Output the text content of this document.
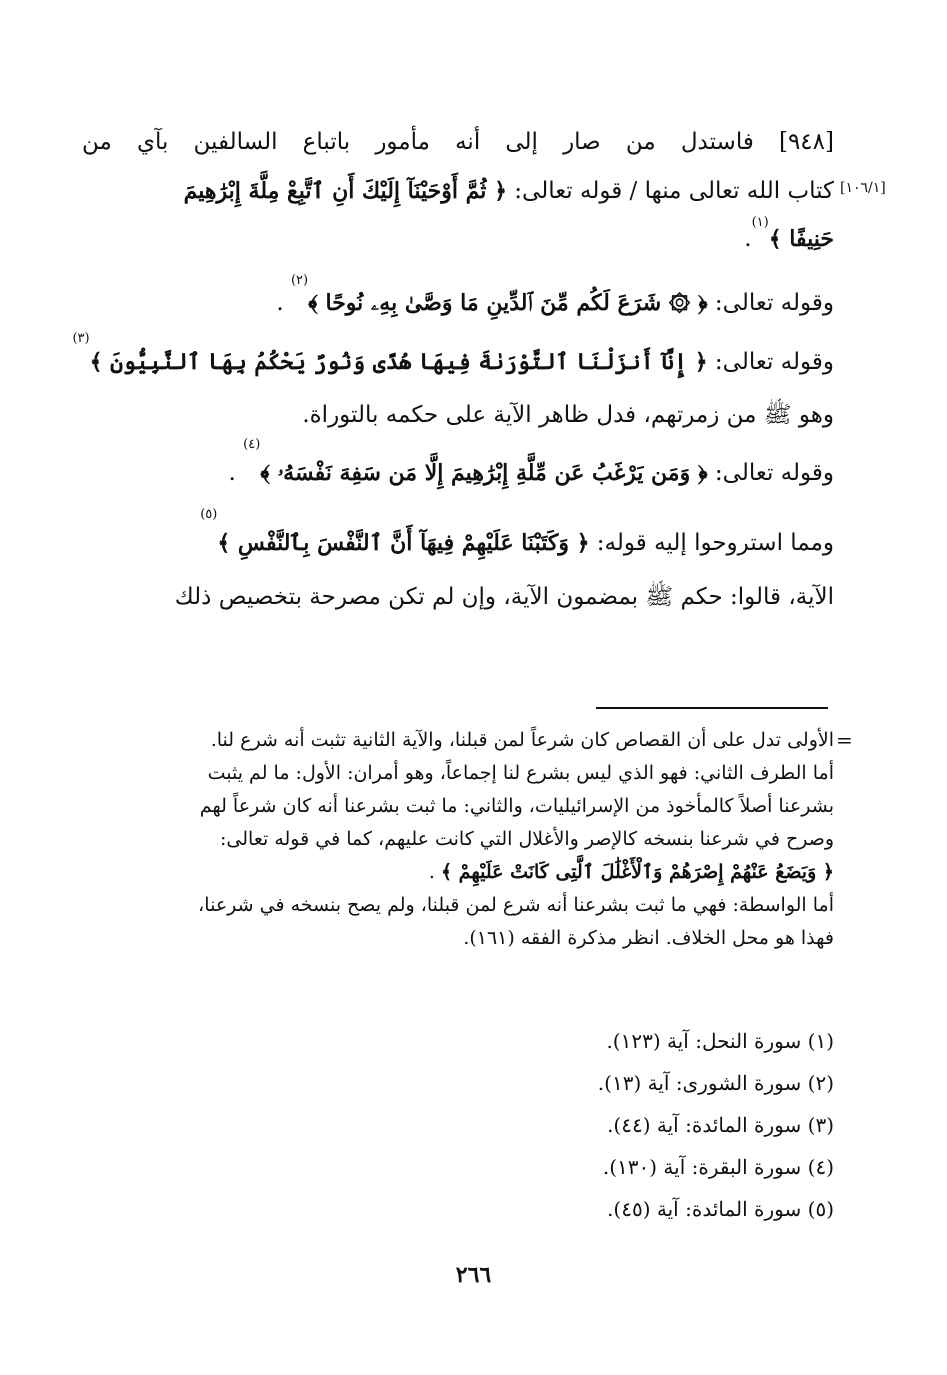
[٩٤٨] فاستدل من صار إلى أنه مأمور باتباع السالفين بآي من
كتاب الله تعالى منها / قوله تعالى: ﴿ ثُمَّ أَوْحَيْنَآ إِلَيْكَ أَنِ ٱتَّبِعْ مِلَّةَ إِبْرَٰهِيمَ
حَنِيفًا ﴾$^{(١)}$.
وقوله تعالى: ﴿ ۞ شَرَعَ لَكُم مِّنَ ٱلدِّينِ مَا وَصَّىٰ بِهِۦ نُوحًا ﴾$^{(٢)}$ .
وقوله تعالى: ﴿ إِنَّآ أَنزَلْنَا ٱلتَّوْرَىٰةَ فِيهَا هُدًى وَنُورٌ يَحْكُمُ بِهَا ٱلنَّبِيُّونَ ﴾$^{(٣)}$
وهو ﷺ من زمرتهم، فدل ظاهر الآية على حكمه بالتوراة.
وقوله تعالى: ﴿ وَمَن يَرْغَبُ عَن مِّلَّةِ إِبْرَٰهِيمَ إِلَّا مَن سَفِهَ نَفْسَهُۥ ﴾$^{(٤)}$ .
ومما استروحوا إليه قوله: ﴿ وَكَتَبْنَا عَلَيْهِمْ فِيهَآ أَنَّ ٱلنَّفْسَ بِٱلنَّفْسِ ﴾$^{(٥)}$
الآية، قالوا: حكم ﷺ بمضمون الآية، وإن لم تكن مصرحة بتخصيص ذلك
[١٠٦/١]
=
الأولى تدل على أن القصاص كان شرعاً لمن قبلنا، والآية الثانية تثبت أنه شرع لنا.
أما الطرف الثاني: فهو الذي ليس بشرع لنا إجماعاً، وهو أمران: الأول: ما لم يثبت
بشرعنا أصلاً كالمأخوذ من الإسرائيليات، والثاني: ما ثبت بشرعنا أنه كان شرعاً لهم
وصرح في شرعنا بنسخه كالإصر والأغلال التي كانت عليهم، كما في قوله تعالى:
﴿ وَيَضَعُ عَنْهُمْ إِصْرَهُمْ وَٱلْأَغْلَٰلَ ٱلَّتِى كَانَتْ عَلَيْهِمْ ﴾ .
أما الواسطة: فهي ما ثبت بشرعنا أنه شرع لمن قبلنا، ولم يصح بنسخه في شرعنا،
فهذا هو محل الخلاف. انظر مذكرة الفقه (١٦١).
(١) سورة النحل: آية (١٢٣).
(٢) سورة الشورى: آية (١٣).
(٣) سورة المائدة: آية (٤٤).
(٤) سورة البقرة: آية (١٣٠).
(٥) سورة المائدة: آية (٤٥).
٢٦٦
